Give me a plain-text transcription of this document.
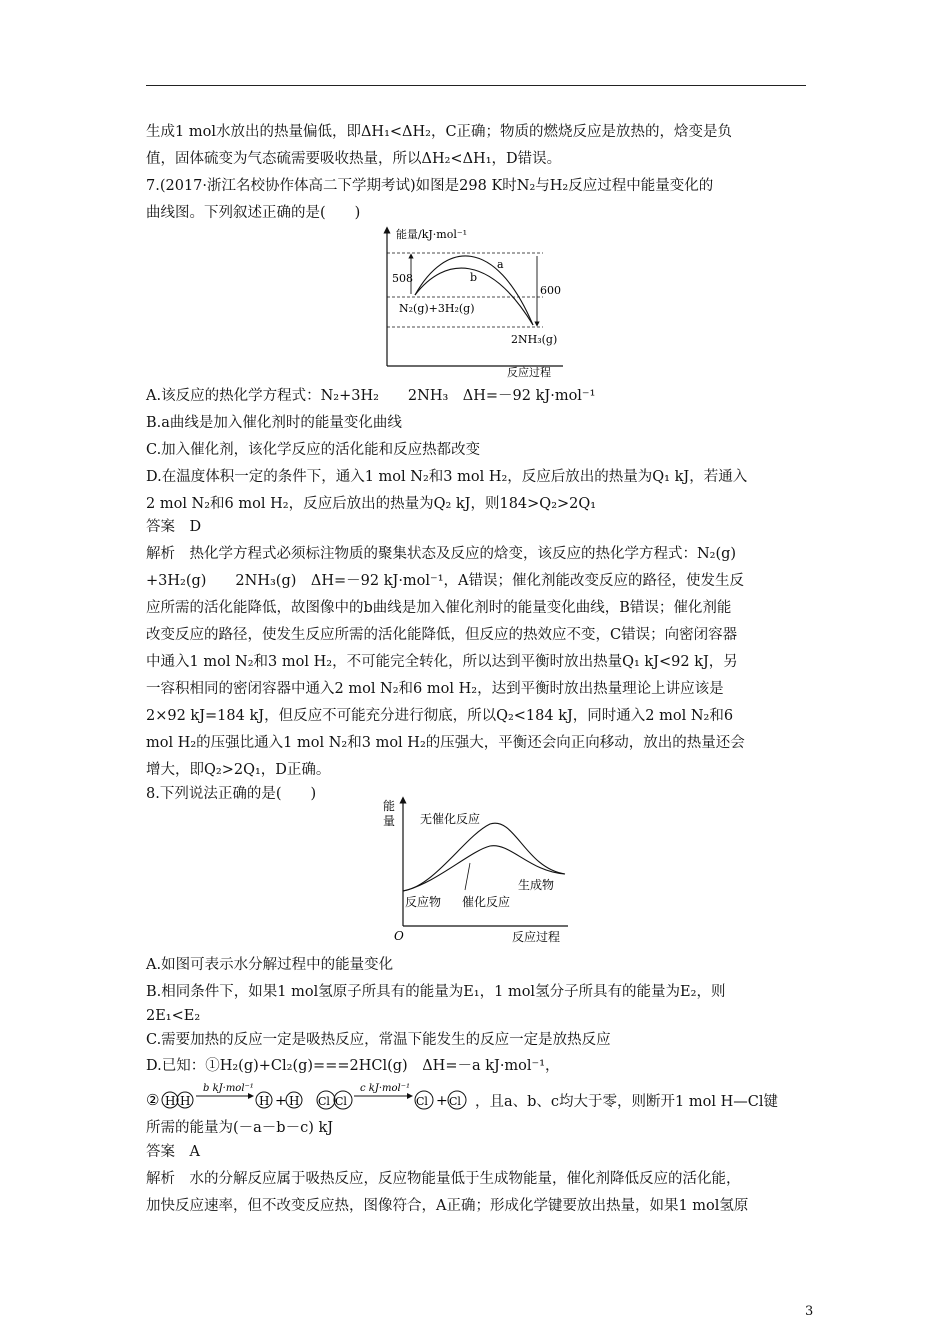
生成1 mol水放出的热量偏低，即ΔH₁<ΔH₂，C正确；物质的燃烧反应是放热的，焓变是负
值，固体硫变为气态硫需要吸收热量，所以ΔH₂<ΔH₁，D错误。
7.(2017·浙江名校协作体高二下学期考试)如图是298 K时N₂与H₂反应过程中能量变化的
曲线图。下列叙述正确的是(　　)
能量/kJ·mol⁻¹
508
600
a
b
N₂(g)+3H₂(g)
2NH₃(g)
反应过程
A.该反应的热化学方程式：N₂+3H₂　　2NH₃　ΔH=－92 kJ·mol⁻¹
B.a曲线是加入催化剂时的能量变化曲线
C.加入催化剂，该化学反应的活化能和反应热都改变
D.在温度体积一定的条件下，通入1 mol N₂和3 mol H₂，反应后放出的热量为Q₁ kJ，若通入
2 mol N₂和6 mol H₂，反应后放出的热量为Q₂ kJ，则184>Q₂>2Q₁
答案　D
解析　热化学方程式必须标注物质的聚集状态及反应的焓变，该反应的热化学方程式：N₂(g)
+3H₂(g)　　2NH₃(g)　ΔH=－92 kJ·mol⁻¹，A错误；催化剂能改变反应的路径，使发生反
应所需的活化能降低，故图像中的b曲线是加入催化剂时的能量变化曲线，B错误；催化剂能
改变反应的路径，使发生反应所需的活化能降低，但反应的热效应不变，C错误；向密闭容器
中通入1 mol N₂和3 mol H₂，不可能完全转化，所以达到平衡时放出热量Q₁ kJ<92 kJ，另
一容积相同的密闭容器中通入2 mol N₂和6 mol H₂，达到平衡时放出热量理论上讲应该是
2×92 kJ=184 kJ，但反应不可能充分进行彻底，所以Q₂<184 kJ，同时通入2 mol N₂和6
mol H₂的压强比通入1 mol N₂和3 mol H₂的压强大，平衡还会向正向移动，放出的热量还会
增大，即Q₂>2Q₁，D正确。
8.下列说法正确的是(　　)
能
量
O	反应过程
无催化反应
生成物
反应物 催化反应
A.如图可表示水分解过程中的能量变化
B.相同条件下，如果1 mol氢原子所具有的能量为E₁，1 mol氢分子所具有的能量为E₂，则
2E₁<E₂
C.需要加热的反应一定是吸热反应，常温下能发生的反应一定是放热反应
D.已知：①H₂(g)+Cl₂(g)===2HCl(g)　ΔH=－a kJ·mol⁻¹，
② H H
b kJ·mol⁻¹
H + H Cl Cl
c kJ·mol⁻¹
Cl + Cl ，且a、b、c均大于零，则断开1 mol H—Cl键
所需的能量为(－a－b－c) kJ
答案　A
解析　水的分解反应属于吸热反应，反应物能量低于生成物能量，催化剂降低反应的活化能，
加快反应速率，但不改变反应热，图像符合，A正确；形成化学键要放出热量，如果1 mol氢原
3
